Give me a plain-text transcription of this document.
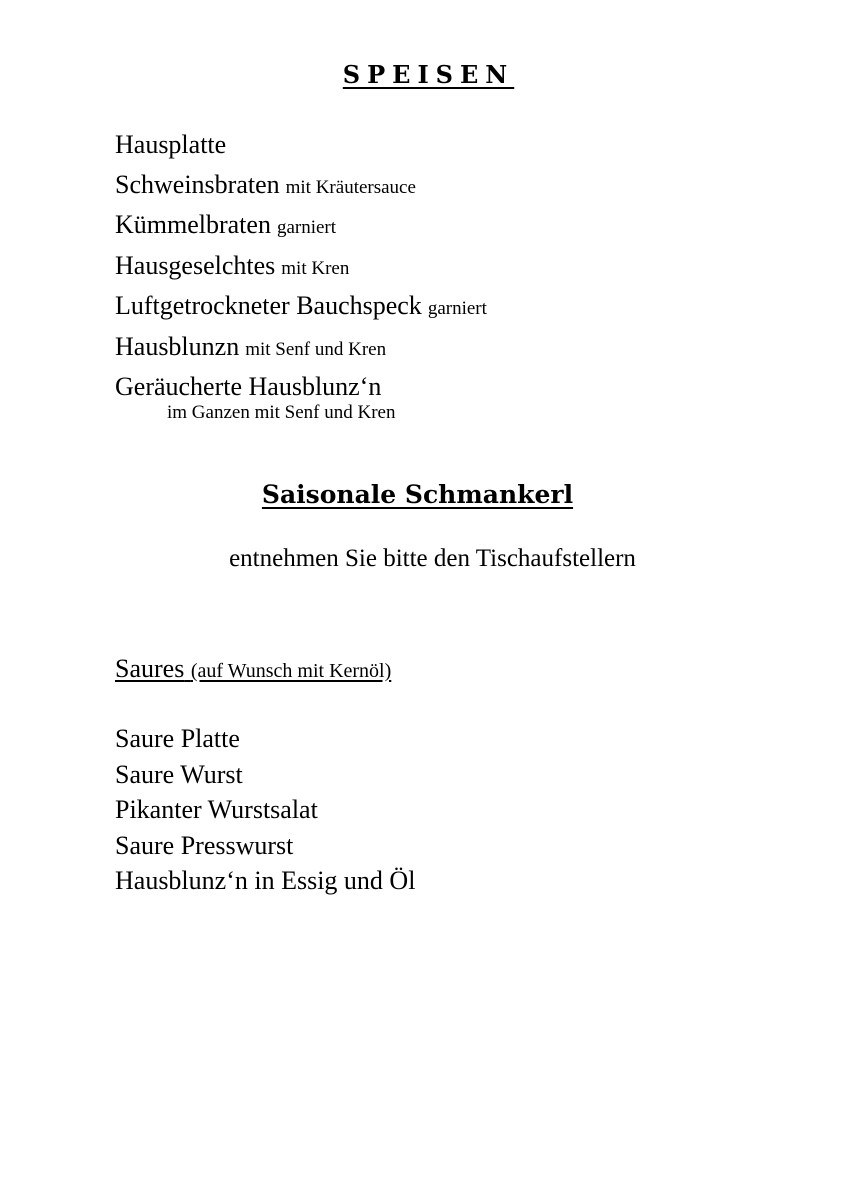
SPEISEN
Hausplatte
Schweinsbraten mit Kräutersauce
Kümmelbraten garniert
Hausgeselchtes mit Kren
Luftgetrockneter Bauchspeck garniert
Hausblunzn mit Senf und Kren
Geräucherte Hausblunz‘n
im Ganzen mit Senf und Kren
Saisonale Schmankerl
entnehmen Sie bitte den Tischaufstellern
Saures (auf Wunsch mit Kernöl)
Saure Platte
Saure Wurst
Pikanter Wurstsalat
Saure Presswurst
Hausblunz‘n in Essig und Öl
